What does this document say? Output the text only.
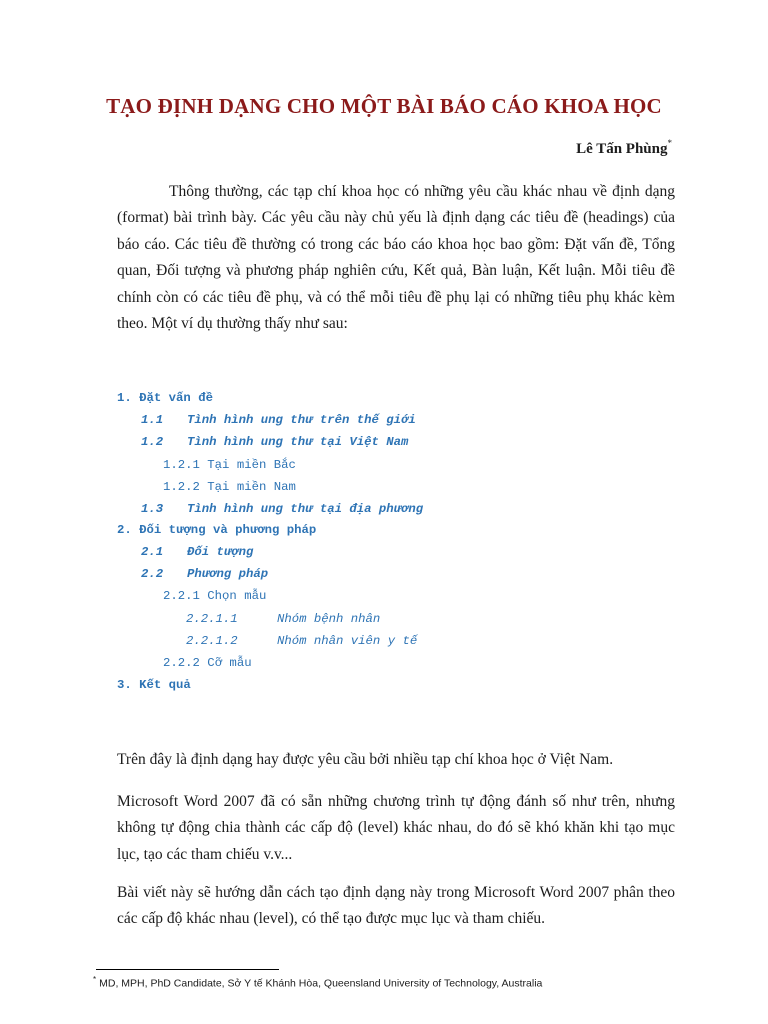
TẠO ĐỊNH DẠNG CHO MỘT BÀI BÁO CÁO KHOA HỌC
Lê Tấn Phùng*

Thông thường, các tạp chí khoa học có những yêu cầu khác nhau về định dạng (format) bài trình bày. Các yêu cầu này chủ yếu là định dạng các tiêu đề (headings) của báo cáo. Các tiêu đề thường có trong các báo cáo khoa học bao gồm: Đặt vấn đề, Tổng quan, Đối tượng và phương pháp nghiên cứu, Kết quả, Bàn luận, Kết luận. Mỗi tiêu đề chính còn có các tiêu đề phụ, và có thể mỗi tiêu đề phụ lại có những tiêu phụ khác kèm theo. Một ví dụ thường thấy như sau:

1. Đặt vấn đề
1.1 Tình hình ung thư trên thế giới
1.2 Tình hình ung thư tại Việt Nam
1.2.1 Tại miền Bắc
1.2.2 Tại miền Nam
1.3 Tình hình ung thư tại địa phương
2. Đối tượng và phương pháp
2.1 Đối tượng
2.2 Phương pháp
2.2.1 Chọn mẫu
2.2.1.1	Nhóm bệnh nhân
2.2.1.2	Nhóm nhân viên y tế
2.2.2 Cỡ mẫu
3. Kết quả

Trên đây là định dạng hay được yêu cầu bởi nhiều tạp chí khoa học ở Việt Nam.

Microsoft Word 2007 đã có sẵn những chương trình tự động đánh số như trên, nhưng không tự động chia thành các cấp độ (level) khác nhau, do đó sẽ khó khăn khi tạo mục lục, tạo các tham chiếu v.v...

Bài viết này sẽ hướng dẫn cách tạo định dạng này trong Microsoft Word 2007 phân theo các cấp độ khác nhau (level), có thể tạo được mục lục và tham chiếu.

* MD, MPH, PhD Candidate, Sở Y tế Khánh Hòa, Queensland University of Technology, Australia
